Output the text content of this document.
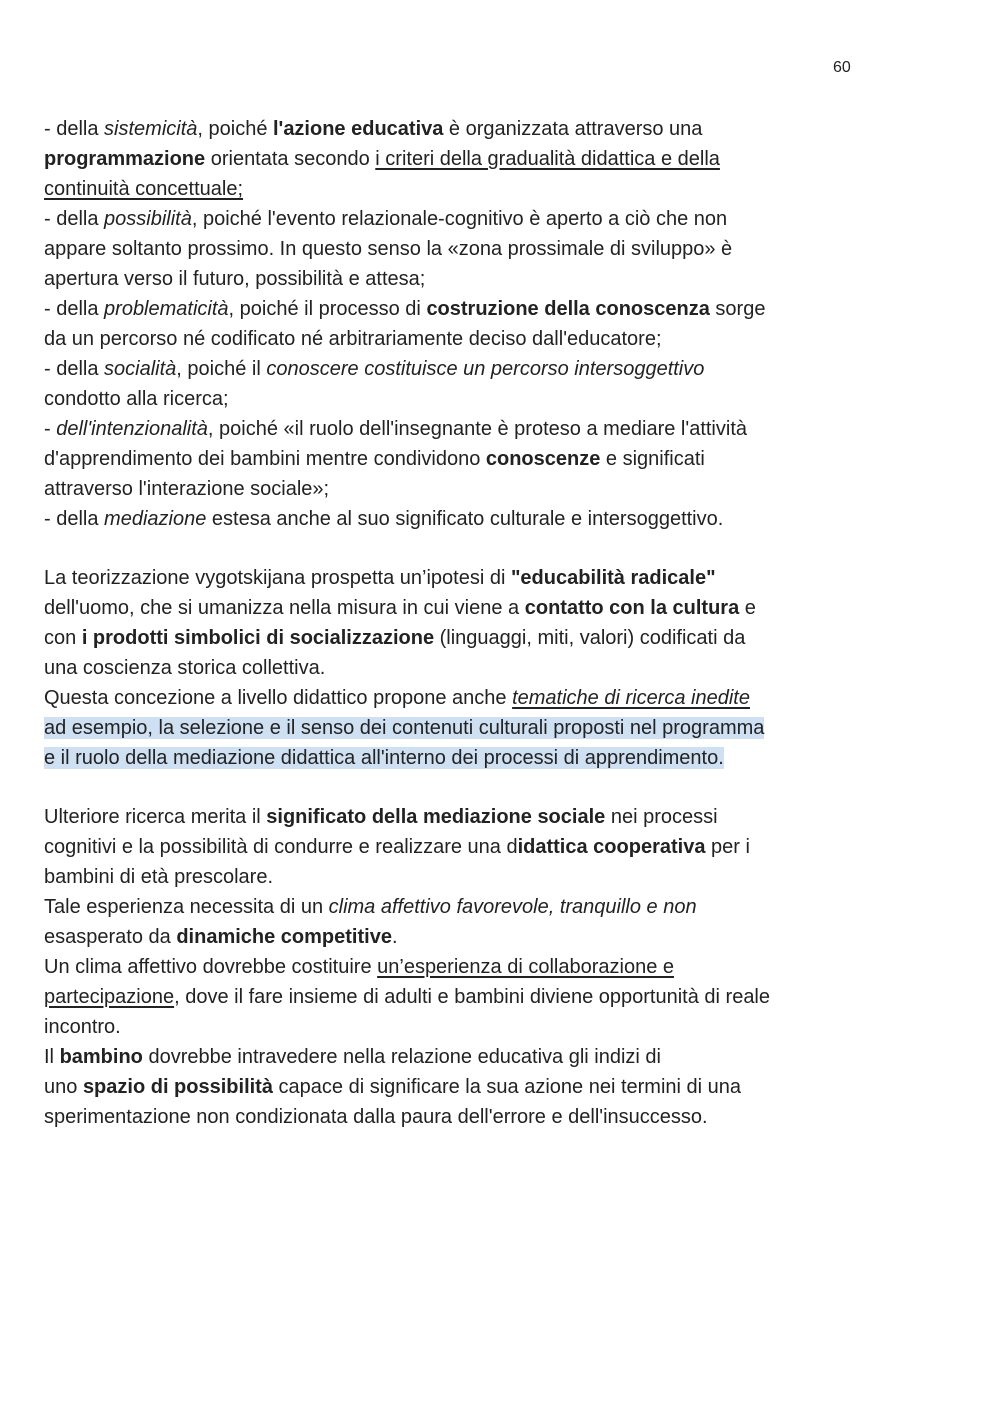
60
- della sistemicità, poiché l'azione educativa è organizzata attraverso una
programmazione orientata secondo i criteri della gradualità didattica e della
continuità concettuale;
- della possibilità, poiché l'evento relazionale-cognitivo è aperto a ciò che non
appare soltanto prossimo. In questo senso la «zona prossimale di sviluppo» è
apertura verso il futuro, possibilità e attesa;
- della problematicità, poiché il processo di costruzione della conoscenza sorge
da un percorso né codificato né arbitrariamente deciso dall'educatore;
- della socialità, poiché il conoscere costituisce un percorso intersoggettivo
condotto alla ricerca;
- dell'intenzionalità, poiché «il ruolo dell'insegnante è proteso a mediare l'attività
d'apprendimento dei bambini mentre condividono conoscenze e significati
attraverso l'interazione sociale»;
- della mediazione estesa anche al suo significato culturale e intersoggettivo.
La teorizzazione vygotskijana prospetta un’ipotesi di "educabilità radicale"
dell'uomo, che si umanizza nella misura in cui viene a contatto con la cultura e
con i prodotti simbolici di socializzazione (linguaggi, miti, valori) codificati da
una coscienza storica collettiva.
Questa concezione a livello didattico propone anche tematiche di ricerca inedite
ad esempio, la selezione e il senso dei contenuti culturali proposti nel programma
e il ruolo della mediazione didattica all'interno dei processi di apprendimento.
Ulteriore ricerca merita il significato della mediazione sociale nei processi
cognitivi e la possibilità di condurre e realizzare una didattica cooperativa per i
bambini di età prescolare.
Tale esperienza necessita di un clima affettivo favorevole, tranquillo e non
esasperato da dinamiche competitive.
Un clima affettivo dovrebbe costituire un’esperienza di collaborazione e
partecipazione, dove il fare insieme di adulti e bambini diviene opportunità di reale
incontro.
Il bambino dovrebbe intravedere nella relazione educativa gli indizi di
uno spazio di possibilità capace di significare la sua azione nei termini di una
sperimentazione non condizionata dalla paura dell'errore e dell'insuccesso.
